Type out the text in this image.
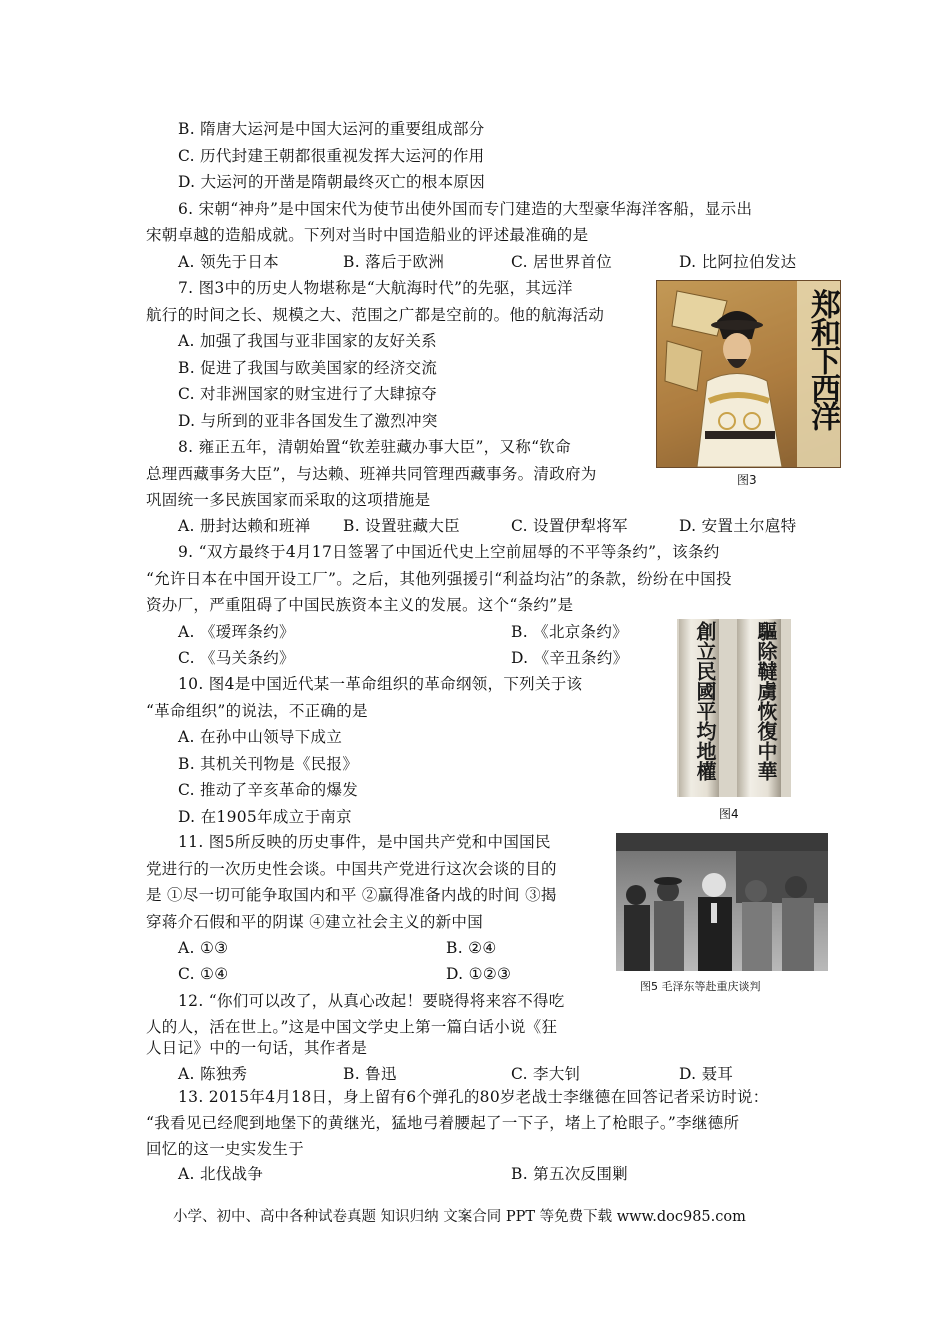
B. 隋唐大运河是中国大运河的重要组成部分
C. 历代封建王朝都很重视发挥大运河的作用
D. 大运河的开凿是隋朝最终灭亡的根本原因
6. 宋朝“神舟”是中国宋代为使节出使外国而专门建造的大型豪华海洋客船，显示出
宋朝卓越的造船成就。下列对当时中国造船业的评述最准确的是
A. 领先于日本	B. 落后于欧洲	C. 居世界首位	D. 比阿拉伯发达
7. 图3中的历史人物堪称是“大航海时代”的先驱，其远洋
航行的时间之长、规模之大、范围之广都是空前的。他的航海活动
A. 加强了我国与亚非国家的友好关系
B. 促进了我国与欧美国家的经济交流
C. 对非洲国家的财宝进行了大肆掠夺
D. 与所到的亚非各国发生了激烈冲突
8. 雍正五年，清朝始置“钦差驻藏办事大臣”，又称“钦命
总理西藏事务大臣”，与达赖、班禅共同管理西藏事务。清政府为
巩固统一多民族国家而采取的这项措施是
A. 册封达赖和班禅 B. 设置驻藏大臣	C. 设置伊犁将军	D. 安置土尔扈特
9. “双方最终于4月17日签署了中国近代史上空前屈辱的不平等条约”，该条约
“允许日本在中国开设工厂”。之后，其他列强援引“利益均沾”的条款，纷纷在中国投
资办厂，严重阻碍了中国民族资本主义的发展。这个“条约”是
A. 《瑷珲条约》	B. 《北京条约》
C. 《马关条约》	D. 《辛丑条约》
10. 图4是中国近代某一革命组织的革命纲领，下列关于该
“革命组织”的说法，不正确的是
A. 在孙中山领导下成立
B. 其机关刊物是《民报》
C. 推动了辛亥革命的爆发
D. 在1905年成立于南京
11. 图5所反映的历史事件，是中国共产党和中国国民
党进行的一次历史性会谈。中国共产党进行这次会谈的目的
是 ①尽一切可能争取国内和平 ②赢得准备内战的时间 ③揭
穿蒋介石假和平的阴谋 ④建立社会主义的新中国
A. ①③	B. ②④
C. ①④	D. ①②③
12. “你们可以改了，从真心改起！要晓得将来容不得吃
人的人，活在世上。”这是中国文学史上第一篇白话小说《狂
人日记》中的一句话，其作者是
A. 陈独秀	B. 鲁迅	C. 李大钊	D. 聂耳
13. 2015年4月18日，身上留有6个弹孔的80岁老战士李继德在回答记者采访时说：
“我看见已经爬到地堡下的黄继光，猛地弓着腰起了一下子，堵上了枪眼子。”李继德所
回忆的这一史实发生于
A. 北伐战争	B. 第五次反围剿
郑和下西洋
图3
創立民國平均地權	驅除韃虜恢復中華
图4
图5 毛泽东等赴重庆谈判
小学、初中、高中各种试卷真题 知识归纳 文案合同 PPT 等免费下载 www.doc985.com
